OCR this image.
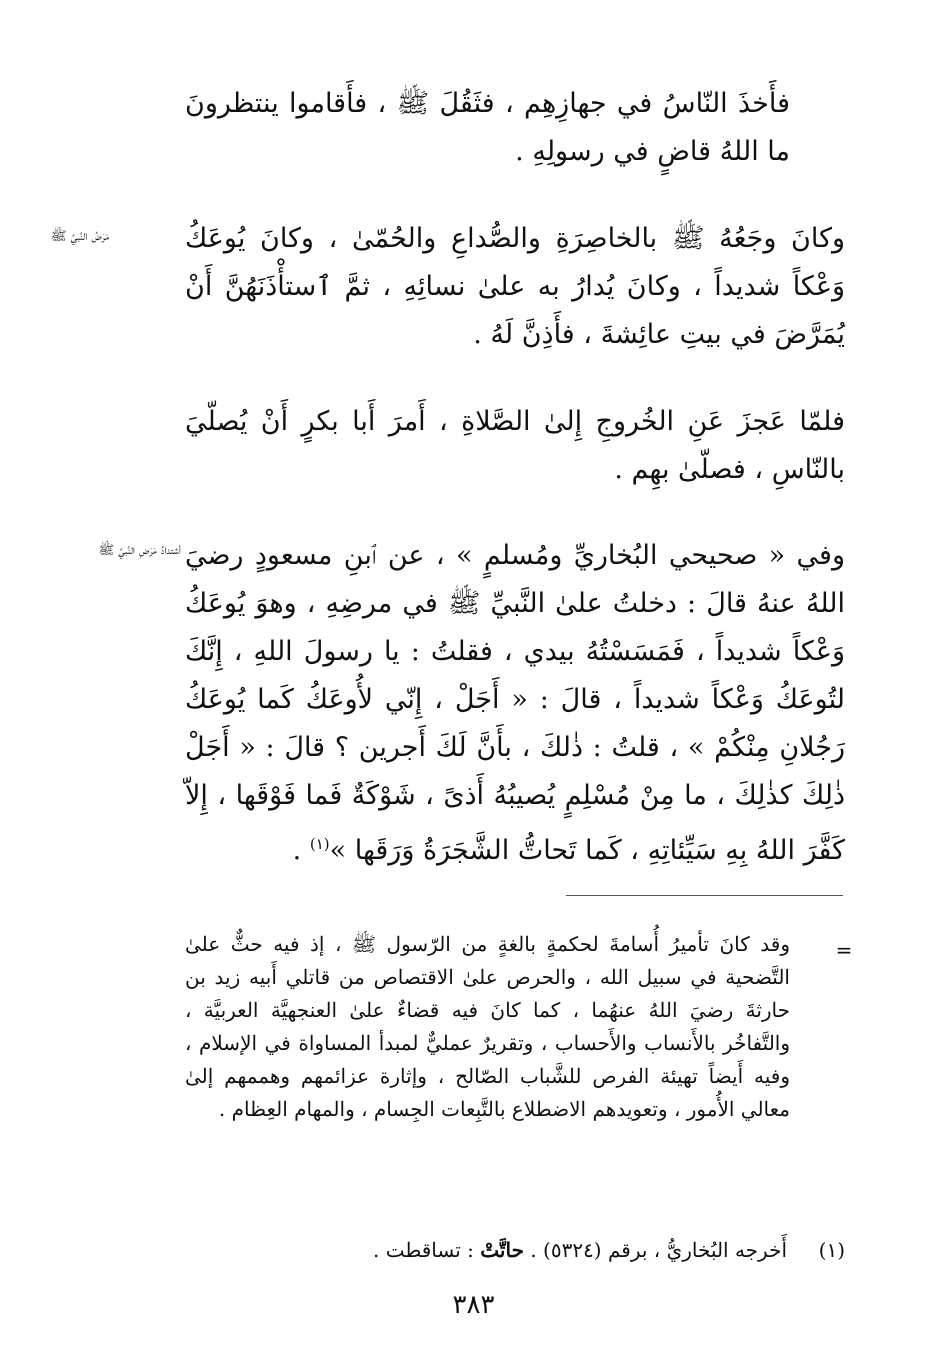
فأَخذَ النّاسُ في جهازِهِم ، فثَقُلَ ﷺ ، فأَقاموا ينتظرونَ ما اللهُ قاضٍ في رسولِهِ .

وكانَ وجَعُهُ ﷺ بالخاصِرَةِ والصُّداعِ والحُمّىٰ ، وكانَ يُوعَكُ وَعْكاً شديداً ، وكانَ يُدارُ به علىٰ نسائِهِ ، ثمَّ ٱستأْذَنَهُنَّ أَنْ يُمَرَّضَ في بيتِ عائِشةَ ، فأَذِنَّ لَهُ .

فلمّا عَجزَ عَنِ الخُروجِ إِلىٰ الصَّلاةِ ، أَمرَ أَبا بكرٍ أَنْ يُصلّيَ بالنّاسِ ، فصلّىٰ بهِم .

وفي « صحيحي البُخاريِّ ومُسلمٍ » ، عن ٱبنِ مسعودٍ رضيَ اللهُ عنهُ قالَ : دخلتُ علىٰ النَّبيِّ ﷺ في مرضِهِ ، وهوَ يُوعَكُ وَعْكاً شديداً ، فَمَسَسْتُهُ بيدي ، فقلتُ : يا رسولَ اللهِ ، إِنَّكَ لتُوعَكُ وَعْكاً شديداً ، قالَ : « أَجَلْ ، إِنّي لأُوعَكُ كَما يُوعَكُ رَجُلانِ مِنْكُمْ » ، قلتُ : ذٰلكَ ، بأَنَّ لَكَ أَجرين ؟ قالَ : « أَجَلْ ذٰلِكَ كذٰلِكَ ، ما مِنْ مُسْلِمٍ يُصيبُهُ أَذىً ، شَوْكَةٌ فَما فَوْقَها ، إِلاّ كَفَّرَ اللهُ بِهِ سَيِّئاتِهِ ، كَما تَحاتُّ الشَّجَرَةُ وَرَقَها »$^{(١)}$ .

مَرَضُ النَّبيِّ ﷺ
أشتدادُ مَرَضِ النَّبيِّ ﷺ
=
وقد كانَ تأميرُ أُسامةَ لحكمةٍ بالغةٍ من الرّسول ﷺ ، إذ فيه حثٌّ علىٰ التَّضحية في سبيل الله ، والحرص علىٰ الاقتصاص من قاتلي أَبيه زيد بن حارثةَ رضيَ اللهُ عنهُما ، كما كانَ فيه قضاءٌ علىٰ العنجهيَّة العربيَّة ، والتَّفاخُر بالأَنساب والأَحساب ، وتقريرٌ عمليٌّ لمبدأ المساواة في الإسلام ، وفيه أَيضاً تهيئة الفرص للشَّباب الصّالح ، وإثارة عزائمهم وهممهم إلىٰ معالي الأُمور ، وتعويدهم الاضطلاع بالتَّبِعات الجِسام ، والمهام العِظام .
(١)
أَخرجه البُخاريُّ ، برقم (٥٣٢٤) . حاتَّتْ : تساقطت .
٣٨٣
